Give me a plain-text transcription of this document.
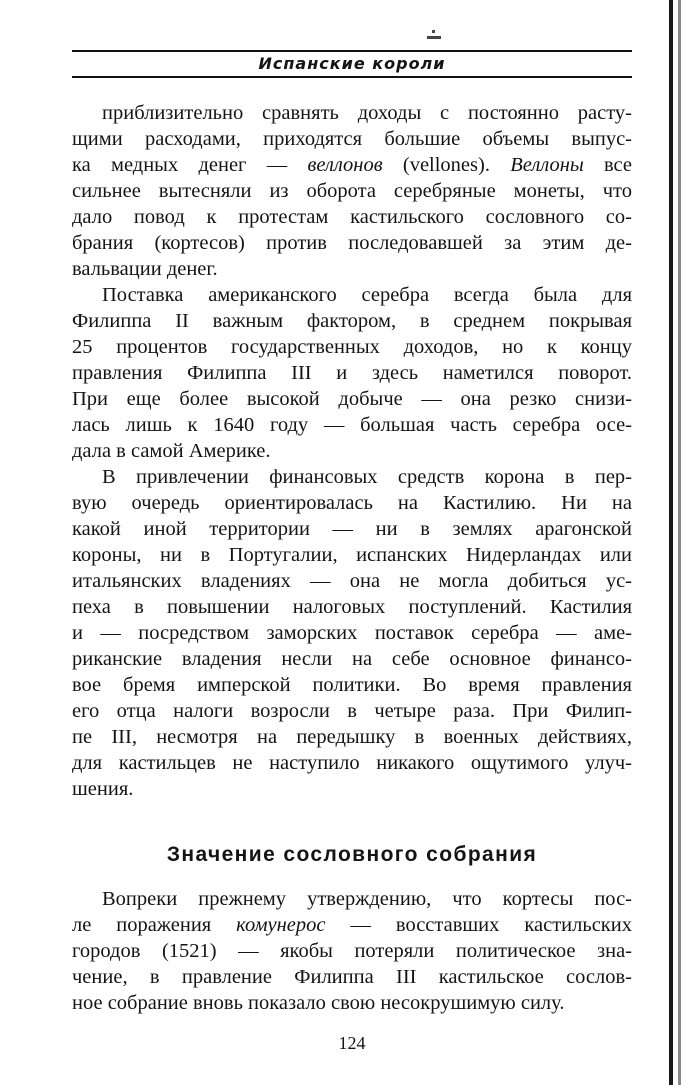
Испанские короли
приблизительно сравнять доходы с постоянно расту-
щими расходами, приходятся большие объемы выпус-
ка медных денег — веллонов (vellones). Веллоны все
сильнее вытесняли из оборота серебряные монеты, что
дало повод к протестам кастильского сословного со-
брания (кортесов) против последовавшей за этим де-
вальвации денег.
Поставка американского серебра всегда была для
Филиппа II важным фактором, в среднем покрывая
25 процентов государственных доходов, но к концу
правления Филиппа III и здесь наметился поворот.
При еще более высокой добыче — она резко снизи-
лась лишь к 1640 году — большая часть серебра осе-
дала в самой Америке.
В привлечении финансовых средств корона в пер-
вую очередь ориентировалась на Кастилию. Ни на
какой иной территории — ни в землях арагонской
короны, ни в Португалии, испанских Нидерландах или
итальянских владениях — она не могла добиться ус-
пеха в повышении налоговых поступлений. Кастилия
и — посредством заморских поставок серебра — аме-
риканские владения несли на себе основное финансо-
вое бремя имперской политики. Во время правления
его отца налоги возросли в четыре раза. При Филип-
пе III, несмотря на передышку в военных действиях,
для кастильцев не наступило никакого ощутимого улуч-
шения.
Значение сословного собрания
Вопреки прежнему утверждению, что кортесы пос-
ле поражения комунерос — восставших кастильских
городов (1521) — якобы потеряли политическое зна-
чение, в правление Филиппа III кастильское сослов-
ное собрание вновь показало свою несокрушимую силу.
124
